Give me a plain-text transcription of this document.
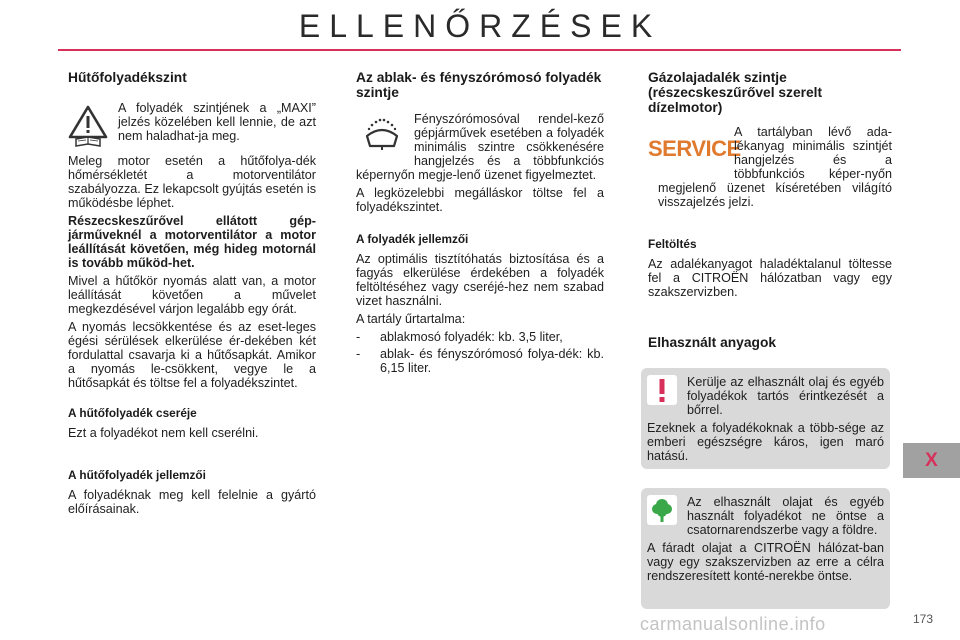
ELLENŐRZÉSEK
X
Hűtőfolyadékszint

A folyadék szintjének a „MAXI” jelzés közelében kell lennie, de azt nem haladhat-ja meg.

Meleg motor esetén a hűtőfolya-dék hőmérsékletét a motorventilátor szabályozza. Ez lekapcsolt gyújtás esetén is működésbe léphet.

Részecskeszűrővel ellátott gép-járműveknél a motorventilátor a motor leállítását követően, még hideg motornál is tovább működ-het.

Mivel a hűtőkör nyomás alatt van, a motor leállítását követően a művelet megkezdésével várjon legalább egy órát.

A nyomás lecsökkentése és az eset-leges égési sérülések elkerülése ér-dekében két fordulattal csavarja ki a hűtősapkát. Amikor a nyomás le-csökkent, vegye le a hűtősapkát és töltse fel a folyadékszintet.

A hűtőfolyadék cseréje

Ezt a folyadékot nem kell cserélni.

A hűtőfolyadék jellemzői

A folyadéknak meg kell felelnie a gyártó előírásainak.

Az ablak- és fényszórómosó folyadék szintje

Fényszórómosóval rendel-kező gépjárművek esetében a folyadék minimális szintre csökkenésére hangjelzés és a többfunkciós képernyőn megje-lenő üzenet figyelmeztet.

A legközelebbi megálláskor töltse fel a folyadékszintet.

A folyadék jellemzői

Az optimális tisztítóhatás biztosítása és a fagyás elkerülése érdekében a folyadék feltöltéséhez vagy cseréjé-hez nem szabad vizet használni.

A tartály űrtartalma:

- ablakmosó folyadék: kb. 3,5 liter,
- ablak- és fényszórómosó folya-dék: kb. 6,15 liter.
Gázolajadalék szintje (részecskeszűrővel szerelt dízelmotor)
SERVICE

A tartályban lévő ada-lékanyag minimális szintjét hangjelzés és a többfunkciós képer-nyőn megjelenő üzenet kíséretében világító visszajelzés jelzi.

Feltöltés

Az adalékanyagot haladéktalanul töltesse fel a CITROËN hálózatban vagy egy szakszervizben.

Elhasznált anyagok

Kerülje az elhasznált olaj és egyéb folyadékok tartós érintkezését a bőrrel.

Ezeknek a folyadékoknak a több-sége az emberi egészségre káros, igen maró hatású.

Az elhasznált olajat és egyéb használt folyadékot ne öntse a csatornarendszerbe vagy a földre.

A fáradt olajat a CITROËN hálózat-ban vagy egy szakszervizben az erre a célra rendszeresített konté-nerekbe öntse.

carmanualsonline.info	173
